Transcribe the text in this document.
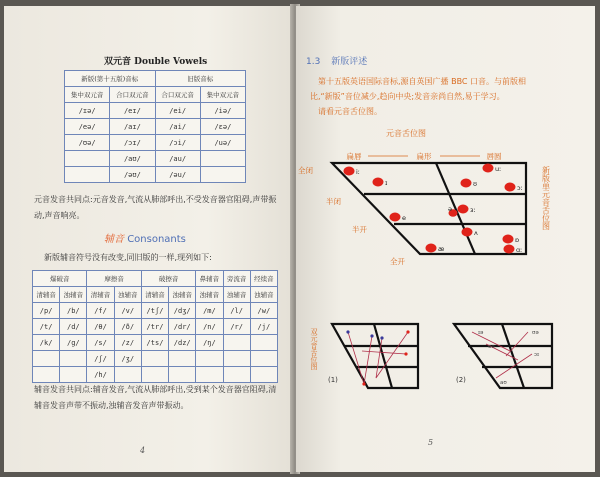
双元音 Double Vowels
新版(第十五版)音标		旧版音标	
集中双元音	合口双元音	合口双元音	集中双元音
/ɪə/	/eɪ/	/ei/	/iə/
/eə/	/aɪ/	/ai/	/ɛə/
/ʊə/	/ɔɪ/	/ɔi/	/uə/
	/aʊ/	/au/	
	/əʊ/	/əu/	
元音发音共同点:元音发音,气流从肺部呼出,不受发音器官阻碍,声带振动,声音响亮。
辅音 Consonants
新版辅音符号没有改变,同旧版的一样,现列如下:
爆破音		摩擦音		破擦音		鼻辅音	旁流音	经续音
清辅音	浊辅音	清辅音	浊辅音	清辅音	浊辅音	浊辅音	浊辅音	浊辅音
/p/	/b/	/f/	/v/	/tʃ/	/dʒ/	/m/	/l/	/w/
/t/	/d/	/θ/	/ð/	/tr/	/dr/	/n/	/r/	/j/
/k/	/g/	/s/	/z/	/ts/	/dz/	/ŋ/		
		/ʃ/	/ʒ/					
		/h/						
辅音发音共同点:辅音发音,气流从肺部呼出,受到某个发音器官阻碍,清辅音发音声带不振动,浊辅音发音声带振动。
4
1.3 新版评述
第十五版英语国际音标,源自英国广播 BBC 口音。与前版相
比,“新版”音位减少,趋向中央;发音亲尚自然,易于学习。
请看元音舌位图。
元音舌位图
扁唇	扁形	唇圆
全闭
半闭
半开
全开
iː
ɪ
e
æ
uː
ʊ
ɜː
ə
ʌ
ɔː
ɒ
ɑː
新版单元音舌位图
双元音舌位图
(1)
ɪə
eə
ʊə
ɔɪ
aʊ
(2)
5
